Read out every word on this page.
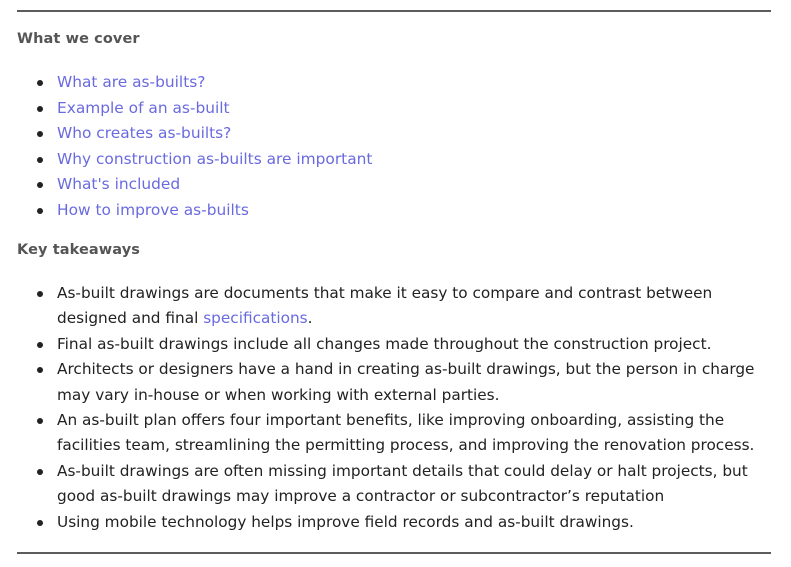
What we cover
What are as-builts?
Example of an as-built
Who creates as-builts?
Why construction as-builts are important
What's included
How to improve as-builts
Key takeaways
As-built drawings are documents that make it easy to compare and contrast between designed and final specifications.
Final as-built drawings include all changes made throughout the construction project.
Architects or designers have a hand in creating as-built drawings, but the person in charge may vary in-house or when working with external parties.
An as-built plan offers four important benefits, like improving onboarding, assisting the facilities team, streamlining the permitting process, and improving the renovation process.
As-built drawings are often missing important details that could delay or halt projects, but good as-built drawings may improve a contractor or subcontractor’s reputation
Using mobile technology helps improve field records and as-built drawings.
